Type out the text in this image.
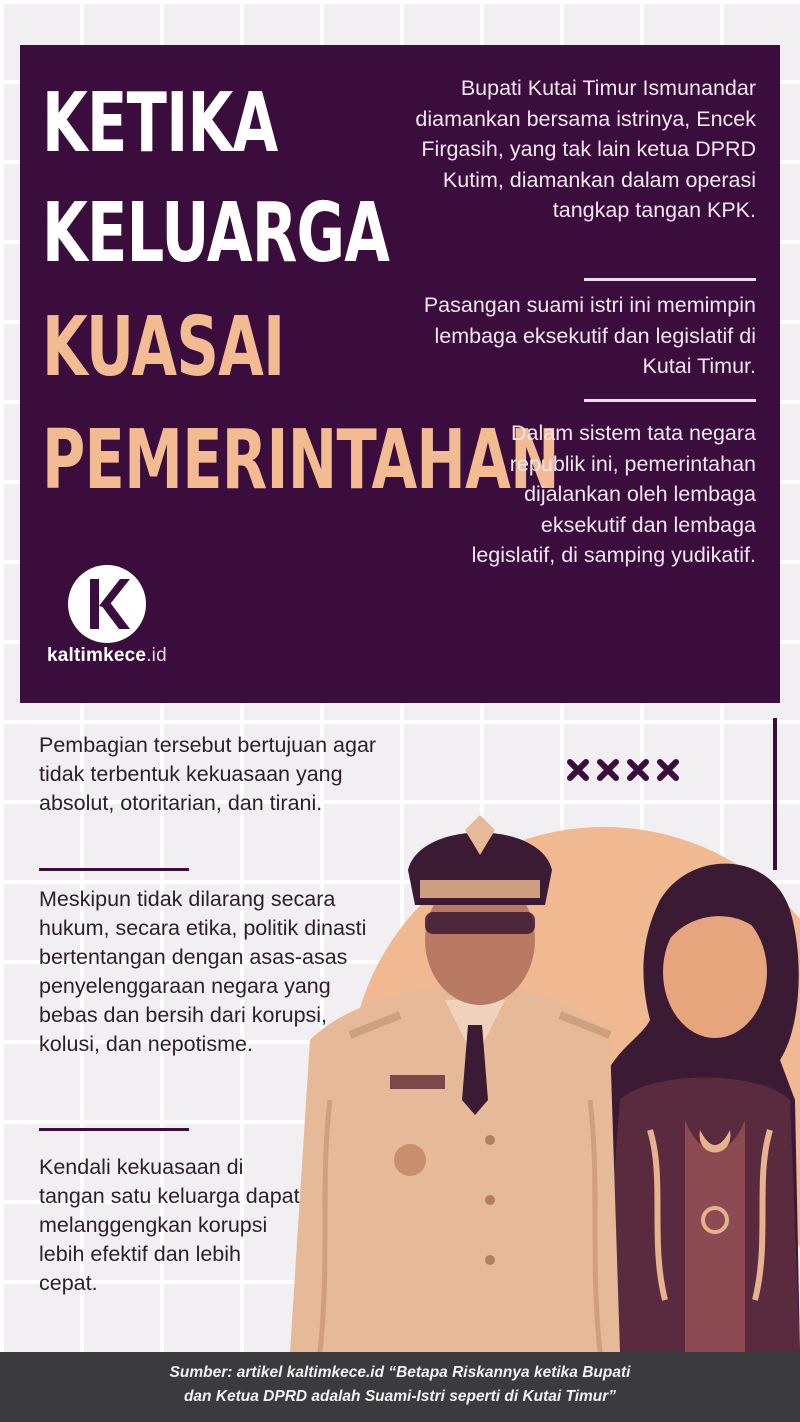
KETIKA
KELUARGA
KUASAI
PEMERINTAHAN

Bupati Kutai Timur Ismunandar diamankan bersama istrinya, Encek Firgasih, yang tak lain ketua DPRD Kutim, diamankan dalam operasi tangkap tangan KPK.

Pasangan suami istri ini memimpin lembaga eksekutif dan legislatif di Kutai Timur.

Dalam sistem tata negara republik ini, pemerintahan dijalankan oleh lembaga eksekutif dan lembaga legislatif, di samping yudikatif.

kaltimkece.id

Pembagian tersebut bertujuan agar tidak terbentuk kekuasaan yang absolut, otoritarian, dan tirani.

Meskipun tidak dilarang secara hukum, secara etika, politik dinasti bertentangan dengan asas-asas penyelenggaraan negara yang bebas dan bersih dari korupsi, kolusi, dan nepotisme.

Kendali kekuasaan di tangan satu keluarga dapat melanggengkan korupsi lebih efektif dan lebih cepat.

Sumber: artikel kaltimkece.id “Betapa Riskannya ketika Bupati

dan Ketua DPRD adalah Suami-Istri seperti di Kutai Timur”
